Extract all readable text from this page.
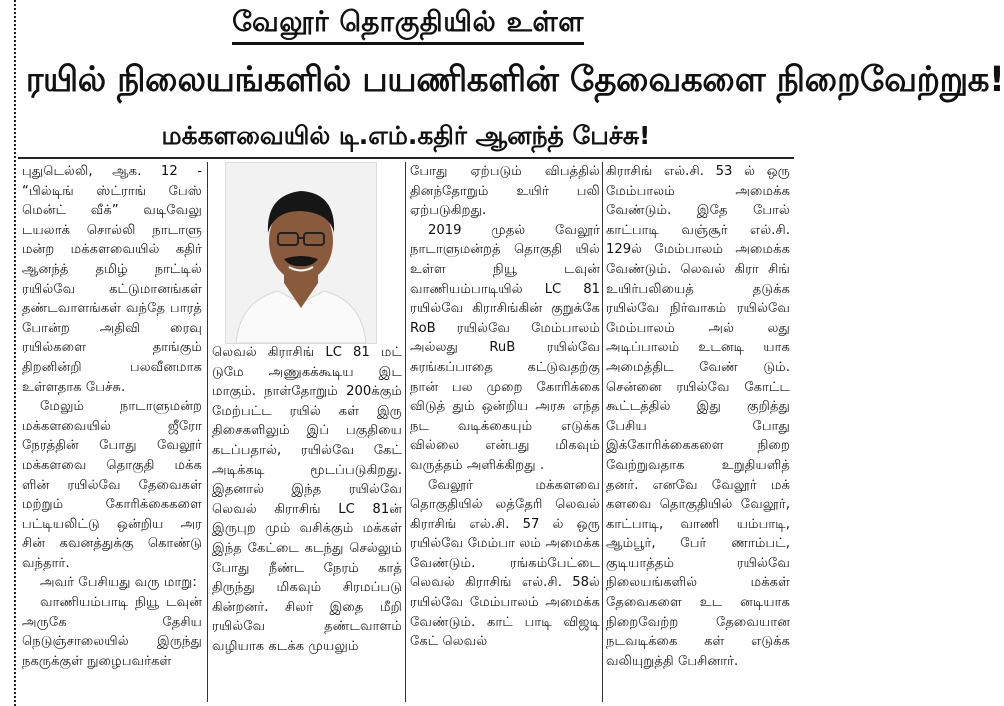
வேலூர் தொகுதியில் உள்ள
ரயில் நிலையங்களில் பயணிகளின் தேவைகளை நிறைவேற்றுக!
மக்களவையில் டி.எம்.கதிர் ஆனந்த் பேச்சு!

புதுடெல்லி, ஆக. 12 - “பில்டிங் ஸ்ட்ராங் பேஸ் மென்ட் வீக்” வடிவேலு டயலாக் சொல்லி நாடாளு மன்ற மக்களவையில் கதிர் ஆனந்த் தமிழ் நாட்டில் ரயில்வே கட்டுமானங்கள் தண்டவாளங்கள் வந்தே பாரத் போன்ற அதிவி ரைவு ரயில்களை தாங்கும் திறனின்றி பலவீனமாக உள்ளதாக பேச்சு.

மேலும் நாடாளுமன்ற மக்களவையில் ஜீரோ நேரத்தின் போது வேலூர் மக்களவை தொகுதி மக்க ளின் ரயில்வே தேவைகள் மற்றும் கோரிக்கைகளை பட்டியலிட்டு ஒன்றிய அர சின் கவனத்துக்கு கொண்டு வந்தார்.

அவர் பேசியது வரு மாறு:

வாணியம்பாடி நியூ டவுன் அருகே தேசிய நெடுஞ்சாலையில் இருந்து நகருக்குள் நுழைபவர்கள்

லெவல் கிராசிங் LC 81 மட் டுமே அணுகக்கூடிய இட மாகும். நாள்தோறும் 200க்கும் மேற்பட்ட ரயில் கள் இரு திசைகளிலும் இப் பகுதியை கடப்பதால், ரயில்வே கேட் அடிக்கடி மூடப்படுகிறது. இதனால் இந்த ரயில்வே லெவல் கிராசிங் LC 81ன் இருபுற மும் வசிக்கும் மக்கள் இந்த கேட்டை கடந்து செல்லும் போது நீண்ட நேரம் காத் திருந்து மிகவும் சிரமப்படு கின்றனர். சிலர் இதை மீறி ரயில்வே தண்டவாளம் வழியாக கடக்க முயலும்

போது ஏற்படும் விபத்தில் தினந்தோறும் உயிர் பலி ஏற்படுகிறது.

2019 முதல் வேலூர் நாடாளுமன்றத் தொகுதி யில் உள்ள நியூ டவுன் வாணியம்பாடியில் LC 81 ரயில்வே கிராசிங்கின் குறுக்கே RoB ரயில்வே மேம்பாலம் அல்லது RuB ரயில்வே சுரங்கப்பாதை கட்டுவதற்கு நான் பல முறை கோரிக்கை விடுத் தும் ஒன்றிய அரசு எந்த நட வடிக்கையும் எடுக்க வில்லை என்பது மிகவும் வருத்தம் அளிக்கிறது .

வேலூர் மக்களவை தொகுதியில் லத்தேரி லெவல் கிராசிங் எல்.சி. 57 ல் ஒரு ரயில்வே மேம்பா லம் அமைக்க வேண்டும். ரங்கம்பேட்டை லெவல் கிராசிங் எல்.சி. 58ல் ரயில்வே மேம்பாலம் அமைக்க வேண்டும். காட் பாடி விஜடி கேட் லெவல்

கிராசிங் எல்.சி. 53 ல் ஒரு மேம்பாலம் அமைக்க வேண்டும். இதே போல் காட்பாடி வஞ்சூர் எல்.சி. 129ல் மேம்பாலம் அமைக்க வேண்டும். லெவல் கிரா சிங் உயிர்பலியைத் தடுக்க ரயில்வே நிர்வாகம் ரயில்வே மேம்பாலம் அல் லது அடிப்பாலம் உடனடி யாக அமைத்திட வேண் டும். சென்னை ரயில்வே கோட்ட கூட்டத்தில் இது குறித்து பேசிய போது இக்கோரிக்கைகளை நிறை வேற்றுவதாக உறுதியளித் தனர். எனவே வேலூர் மக் களவை தொகுதியில் வேலூர், காட்பாடி, வாணி யம்பாடி, ஆம்பூர், பேர் ணாம்பட், குடியாத்தம் ரயில்வே நிலையங்களில் மக்கள் தேவைகளை உட னடியாக நிறைவேற்ற தேவையான நடவடிக்கை கள் எடுக்க வலியுறுத்தி பேசினார்.
